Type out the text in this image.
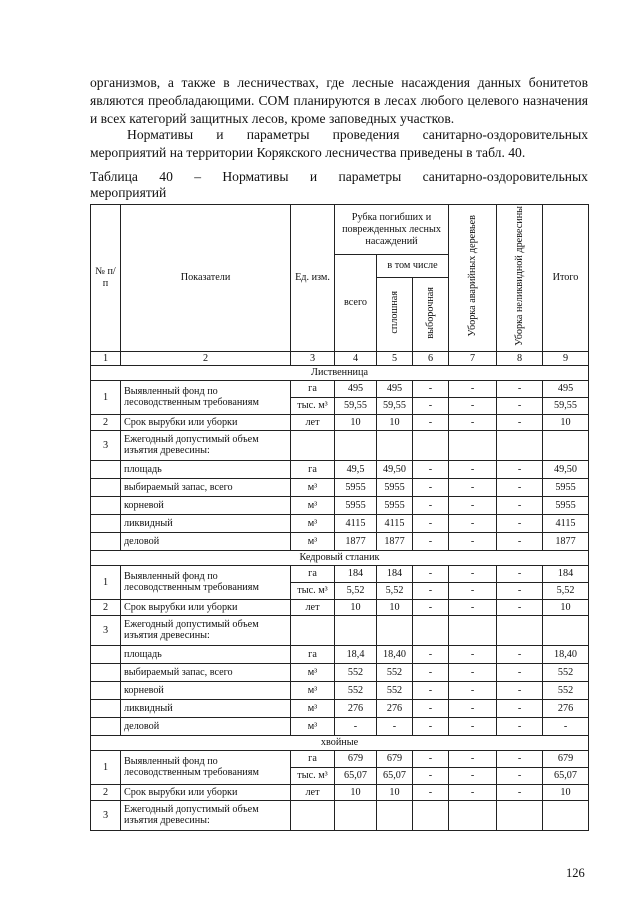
организмов, а также в лесничествах, где лесные насаждения данных бонитетов являются преобладающими. СОМ планируются в лесах любого целевого назначения и всех категорий защитных лесов, кроме заповедных участков.

Нормативы и параметры проведения санитарно-оздоровительных мероприятий на территории Корякского лесничества приведены в табл. 40.

Таблица 40 – Нормативы и параметры санитарно-оздоровительных
мероприятий
№ п/п	Показатели	Ед. изм.	Рубка погибших и поврежденных лесных насаждений			Уборка аварийных деревьев	Уборка неликвидной древесины	Итого
			всего	в том числе				
				сплошная	выборочная			
1	2	3	4	5	6	7	8	9
Лиственница								
1	Выявленный фонд по лесоводственным требованиям	га	495	495	-	-	-	495
		тыс. м³	59,55	59,55	-	-	-	59,55
2	Срок вырубки или уборки	лет	10	10	-	-	-	10
3	Ежегодный допустимый объем изъятия древесины:							
	площадь	га	49,5	49,50	-	-	-	49,50
	выбираемый запас, всего	м³	5955	5955	-	-	-	5955
	корневой	м³	5955	5955	-	-	-	5955
	ликвидный	м³	4115	4115	-	-	-	4115
	деловой	м³	1877	1877	-	-	-	1877
Кедровый стланик								
1	Выявленный фонд по лесоводственным требованиям	га	184	184	-	-	-	184
		тыс. м³	5,52	5,52	-	-	-	5,52
2	Срок вырубки или уборки	лет	10	10	-	-	-	10
3	Ежегодный допустимый объем изъятия древесины:							
	площадь	га	18,4	18,40	-	-	-	18,40
	выбираемый запас, всего	м³	552	552	-	-	-	552
	корневой	м³	552	552	-	-	-	552
	ликвидный	м³	276	276	-	-	-	276
	деловой	м³	-	-	-	-	-	-
хвойные								
1	Выявленный фонд по лесоводственным требованиям	га	679	679	-	-	-	679
		тыс. м³	65,07	65,07	-	-	-	65,07
2	Срок вырубки или уборки	лет	10	10	-	-	-	10
3	Ежегодный допустимый объем изъятия древесины:							
126
